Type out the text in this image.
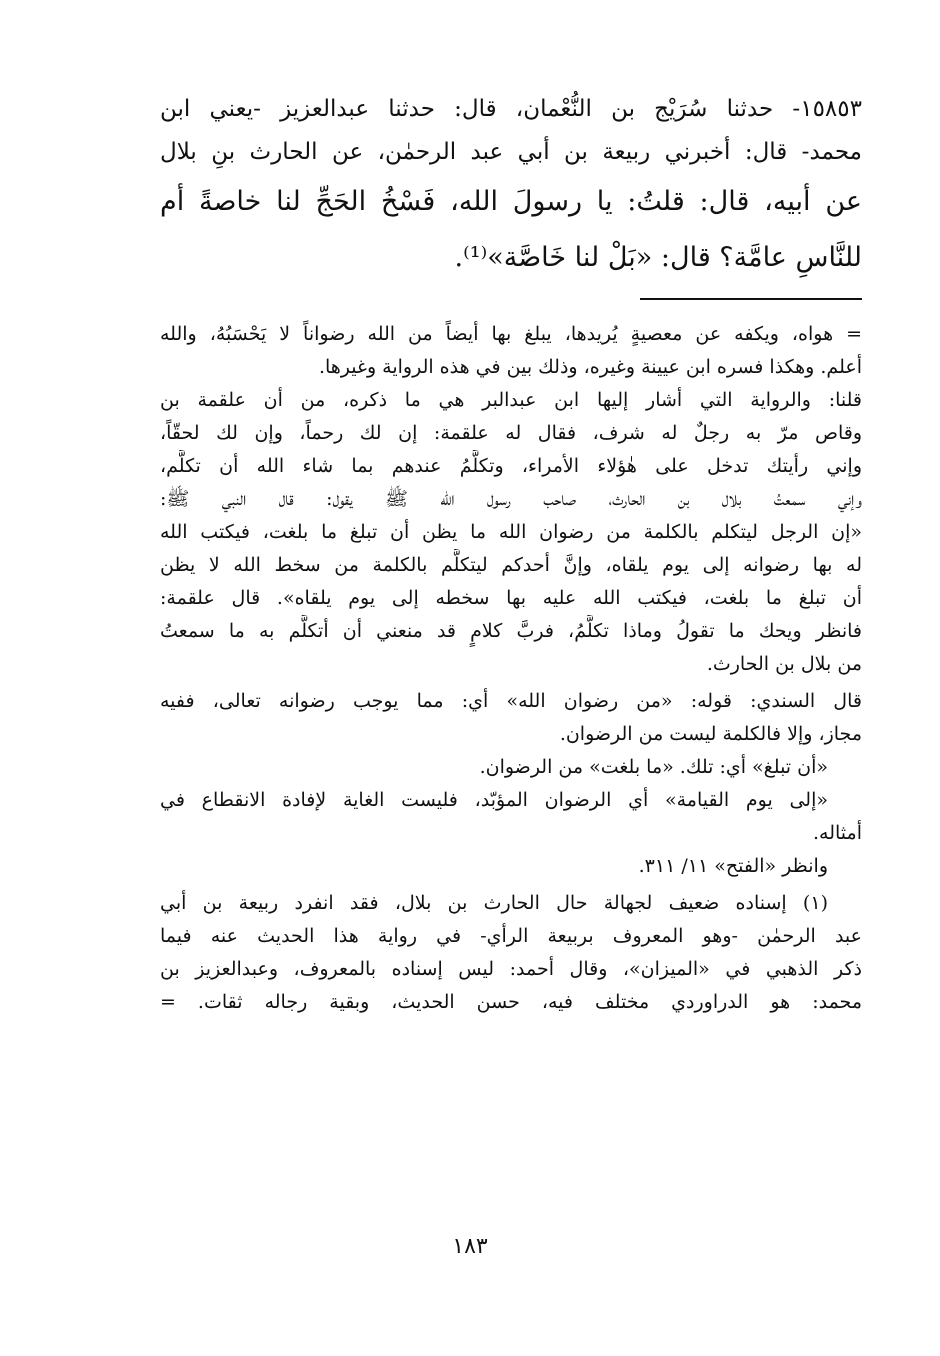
١٥٨٥٣- حدثنا سُرَيْج بن النُّعْمان، قال: حدثنا عبدالعزيز -يعني ابن
محمد- قال: أخبرني ربيعة بن أبي عبد الرحمٰن، عن الحارث بنِ بلال
عن أبيه، قال: قلتُ: يا رسولَ الله، فَسْخُ الحَجِّ لنا خاصةً أم
للنَّاسِ عامَّة؟ قال: «بَلْ لنا خَاصَّة»⁽¹⁾.
= هواه، ويكفه عن معصيةٍ يُريدها، يبلغ بها أيضاً من الله رضواناً لا يَحْسَبُهُ، والله
أعلم. وهكذا فسره ابن عيينة وغيره، وذلك بين في هذه الرواية وغيرها.
قلنا: والرواية التي أشار إليها ابن عبدالبر هي ما ذكره، من أن علقمة بن
وقاص مرّ به رجلٌ له شرف، فقال له علقمة: إن لك رحماً، وإن لك لحقّاً،
وإني رأيتك تدخل على هٰؤلاء الأمراء، وتكلَّمُ عندهم بما شاء الله أن تكلَّم،
وإني سمعتُ بلال بن الحارث، صاحب رسول الله ﷺ يقول: قال النبي ﷺ:
«إن الرجل ليتكلم بالكلمة من رضوان الله ما يظن أن تبلغ ما بلغت، فيكتب الله
له بها رضوانه إلى يوم يلقاه، وإنَّ أحدكم ليتكلَّم بالكلمة من سخط الله لا يظن
أن تبلغ ما بلغت، فيكتب الله عليه بها سخطه إلى يوم يلقاه». قال علقمة:
فانظر ويحك ما تقولُ وماذا تكلَّمُ، فربَّ كلامٍ قد منعني أن أتكلَّم به ما سمعتُ
من بلال بن الحارث.
قال السندي: قوله: «من رضوان الله» أي: مما يوجب رضوانه تعالى، ففيه
مجاز، وإلا فالكلمة ليست من الرضوان.
«أن تبلغ» أي: تلك. «ما بلغت» من الرضوان.
«إلى يوم القيامة» أي الرضوان المؤبّد، فليست الغاية لإفادة الانقطاع في
أمثاله.
وانظر «الفتح» ١١/ ٣١١.
(١) إسناده ضعيف لجهالة حال الحارث بن بلال، فقد انفرد ربيعة بن أبي
عبد الرحمٰن -وهو المعروف بربيعة الرأي- في رواية هذا الحديث عنه فيما
ذكر الذهبي في «الميزان»، وقال أحمد: ليس إسناده بالمعروف، وعبدالعزيز بن
محمد: هو الدراوردي مختلف فيه، حسن الحديث، وبقية رجاله ثقات. =
١٨٣
